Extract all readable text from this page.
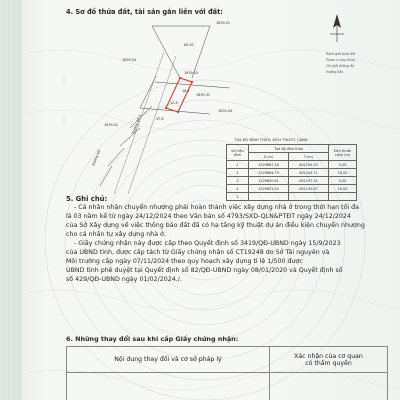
4. Sơ đồ thửa đất, tài sản gắn liền với đất:
1839.51
1839.54
1839.53
1839.31
1839.44
1839.41
18.2
12.3
Đường DT 3
Đường sỏi
60.00
37.6
Ranh giới thửa đất
Phạm vi xây dựng
Chỉ giới đường đỏ
Hướng Bắc
TỌA ĐỘ ĐỈNH THỬA, KÍCH THƯỚC CẠNH
Số hiệu đỉnh	Tọa độ đỉnh thửa		Kích thước cạnh (m)
	X (m)	Y (m)	
1	1529667.18	601200.29	5,00
2	1529664.79	601204.71	16,00
3	1529650.61	601197.32	5,00
4	1529651.92	601192.67	16,00
1			
5. Ghi chú:
- Cá nhân nhận chuyển nhượng phải hoàn thành việc xây dựng nhà ở trong thời hạn tối đa
là 03 năm kể từ ngày 24/12/2024 theo Văn bản số 4793/SXD-QLN&PTĐT ngày 24/12/2024
của Sở Xây dựng về việc thông báo đất đã có hạ tầng kỹ thuật dự án điều kiện chuyển nhượng
cho cá nhân tự xây dựng nhà ở.
- Giấy chứng nhận này được cấp theo Quyết định số 3419/QĐ-UBND ngày 15/9/2023
của UBND tỉnh, được cấp tách từ Giấy chứng nhận số CT19248 do Sở Tài nguyên và
Môi trường cấp ngày 07/11/2024 theo quy hoạch xây dựng tỉ lệ 1/500 được
UBND tỉnh phê duyệt tại Quyết định số 82/QĐ-UBND ngày 08/01/2020 và Quyết định số
số 429/QĐ-UBND ngày 01/02/2024./.
6. Những thay đổi sau khi cấp Giấy chứng nhận:
Nội dung thay đổi và cơ sở pháp lý	Xác nhận của cơ quan
có thẩm quyền
